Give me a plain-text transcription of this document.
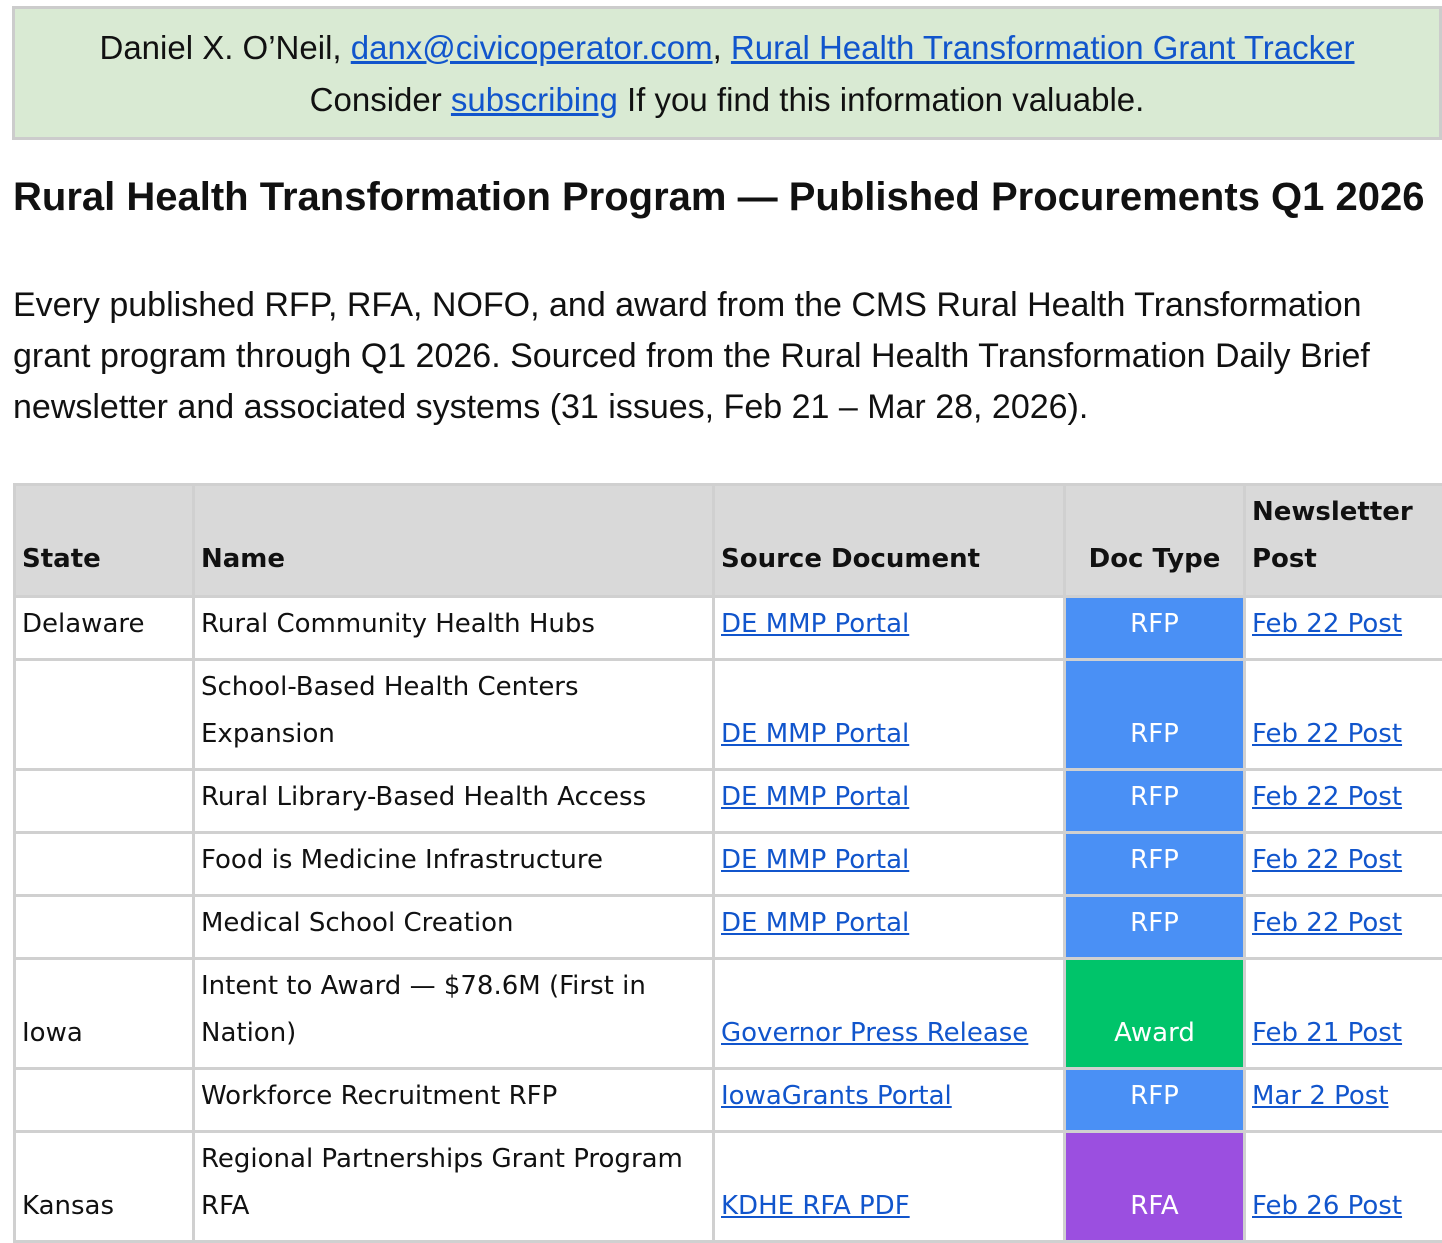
Daniel X. O’Neil, danx@civicoperator.com, Rural Health Transformation Grant Tracker
Consider subscribing If you find this information valuable.
Rural Health Transformation Program — Published Procurements Q1 2026

Every published RFP, RFA, NOFO, and award from the CMS Rural Health Transformation grant program through Q1 2026. Sourced from the Rural Health Transformation Daily Brief newsletter and associated systems (31 issues, Feb 21 – Mar 28, 2026).

State	Name	Source Document	Doc Type	Newsletter Post
Delaware	Rural Community Health Hubs	DE MMP Portal	RFP	Feb 22 Post
	School-Based Health Centers Expansion	DE MMP Portal	RFP	Feb 22 Post
	Rural Library-Based Health Access	DE MMP Portal	RFP	Feb 22 Post
	Food is Medicine Infrastructure	DE MMP Portal	RFP	Feb 22 Post
	Medical School Creation	DE MMP Portal	RFP	Feb 22 Post
Iowa	Intent to Award — $78.6M (First in Nation)	Governor Press Release	Award	Feb 21 Post
	Workforce Recruitment RFP	IowaGrants Portal	RFP	Mar 2 Post
Kansas	Regional Partnerships Grant Program RFA	KDHE RFA PDF	RFA	Feb 26 Post
